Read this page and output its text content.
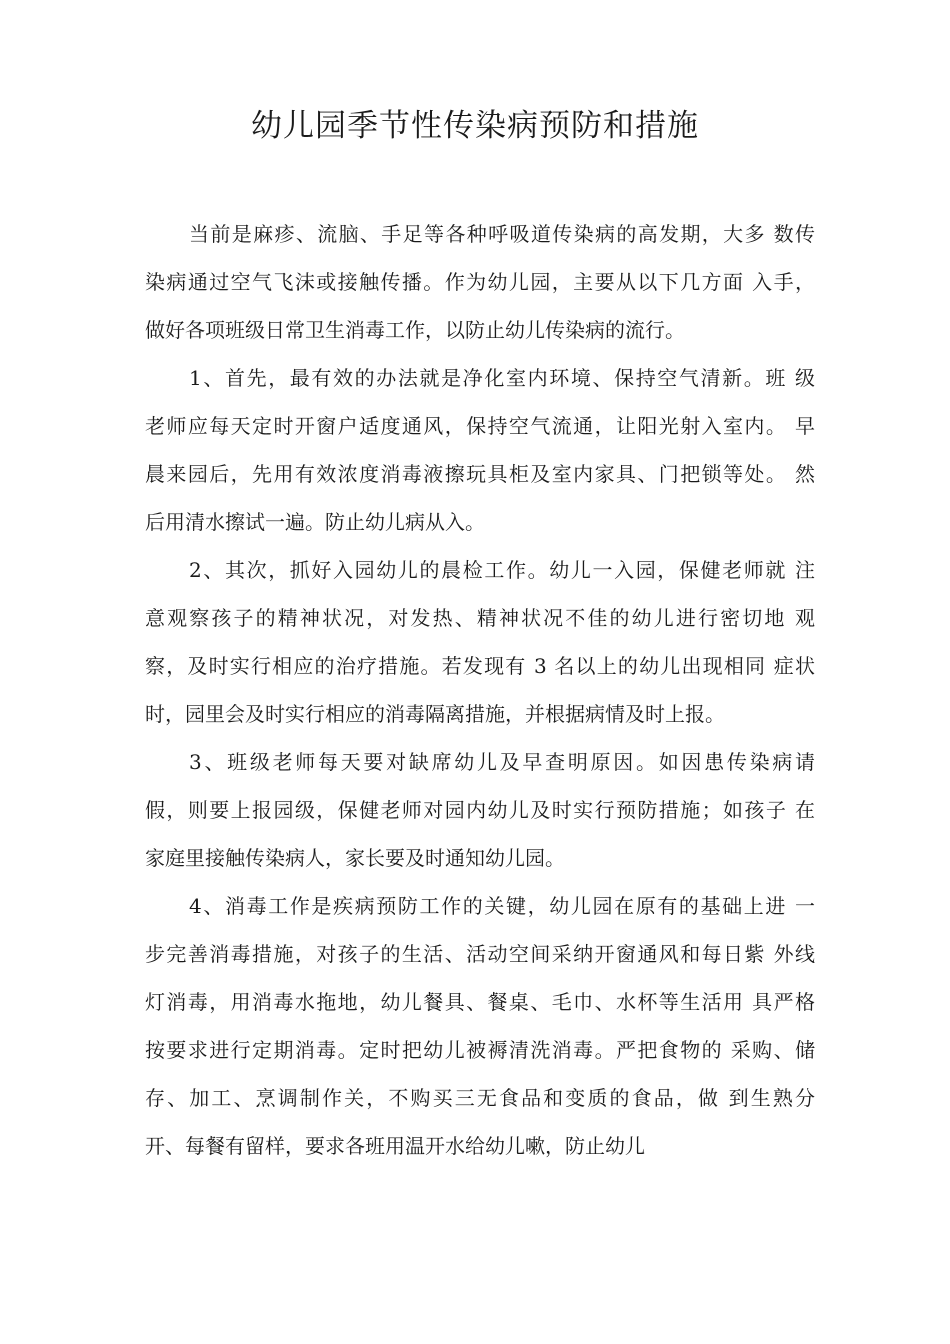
幼儿园季节性传染病预防和措施

当前是麻疹、流脑、手足等各种呼吸道传染病的高发期，大多 数传
染病通过空气飞沫或接触传播。作为幼儿园，主要从以下几方面 入手，
做好各项班级日常卫生消毒工作，以防止幼儿传染病的流行。

1、首先，最有效的办法就是净化室内环境、保持空气清新。班 级
老师应每天定时开窗户适度通风，保持空气流通，让阳光射入室内。 早
晨来园后，先用有效浓度消毒液擦玩具柜及室内家具、门把锁等处。 然
后用清水擦试一遍。防止幼儿病从入。

2、其次，抓好入园幼儿的晨检工作。幼儿一入园，保健老师就 注
意观察孩子的精神状况，对发热、精神状况不佳的幼儿进行密切地 观
察，及时实行相应的治疗措施。若发现有 3 名以上的幼儿出现相同 症状
时，园里会及时实行相应的消毒隔离措施，并根据病情及时上报。

3、班级老师每天要对缺席幼儿及早查明原因。如因患传染病请
假，则要上报园级，保健老师对园内幼儿及时实行预防措施；如孩子 在
家庭里接触传染病人，家长要及时通知幼儿园。

4、消毒工作是疾病预防工作的关键，幼儿园在原有的基础上进 一
步完善消毒措施，对孩子的生活、活动空间采纳开窗通风和每日紫 外线
灯消毒，用消毒水拖地，幼儿餐具、餐桌、毛巾、水杯等生活用 具严格
按要求进行定期消毒。定时把幼儿被褥清洗消毒。严把食物的 采购、储
存、加工、烹调制作关，不购买三无食品和变质的食品，做 到生熟分
开、每餐有留样，要求各班用温开水给幼儿嗽，防止幼儿
